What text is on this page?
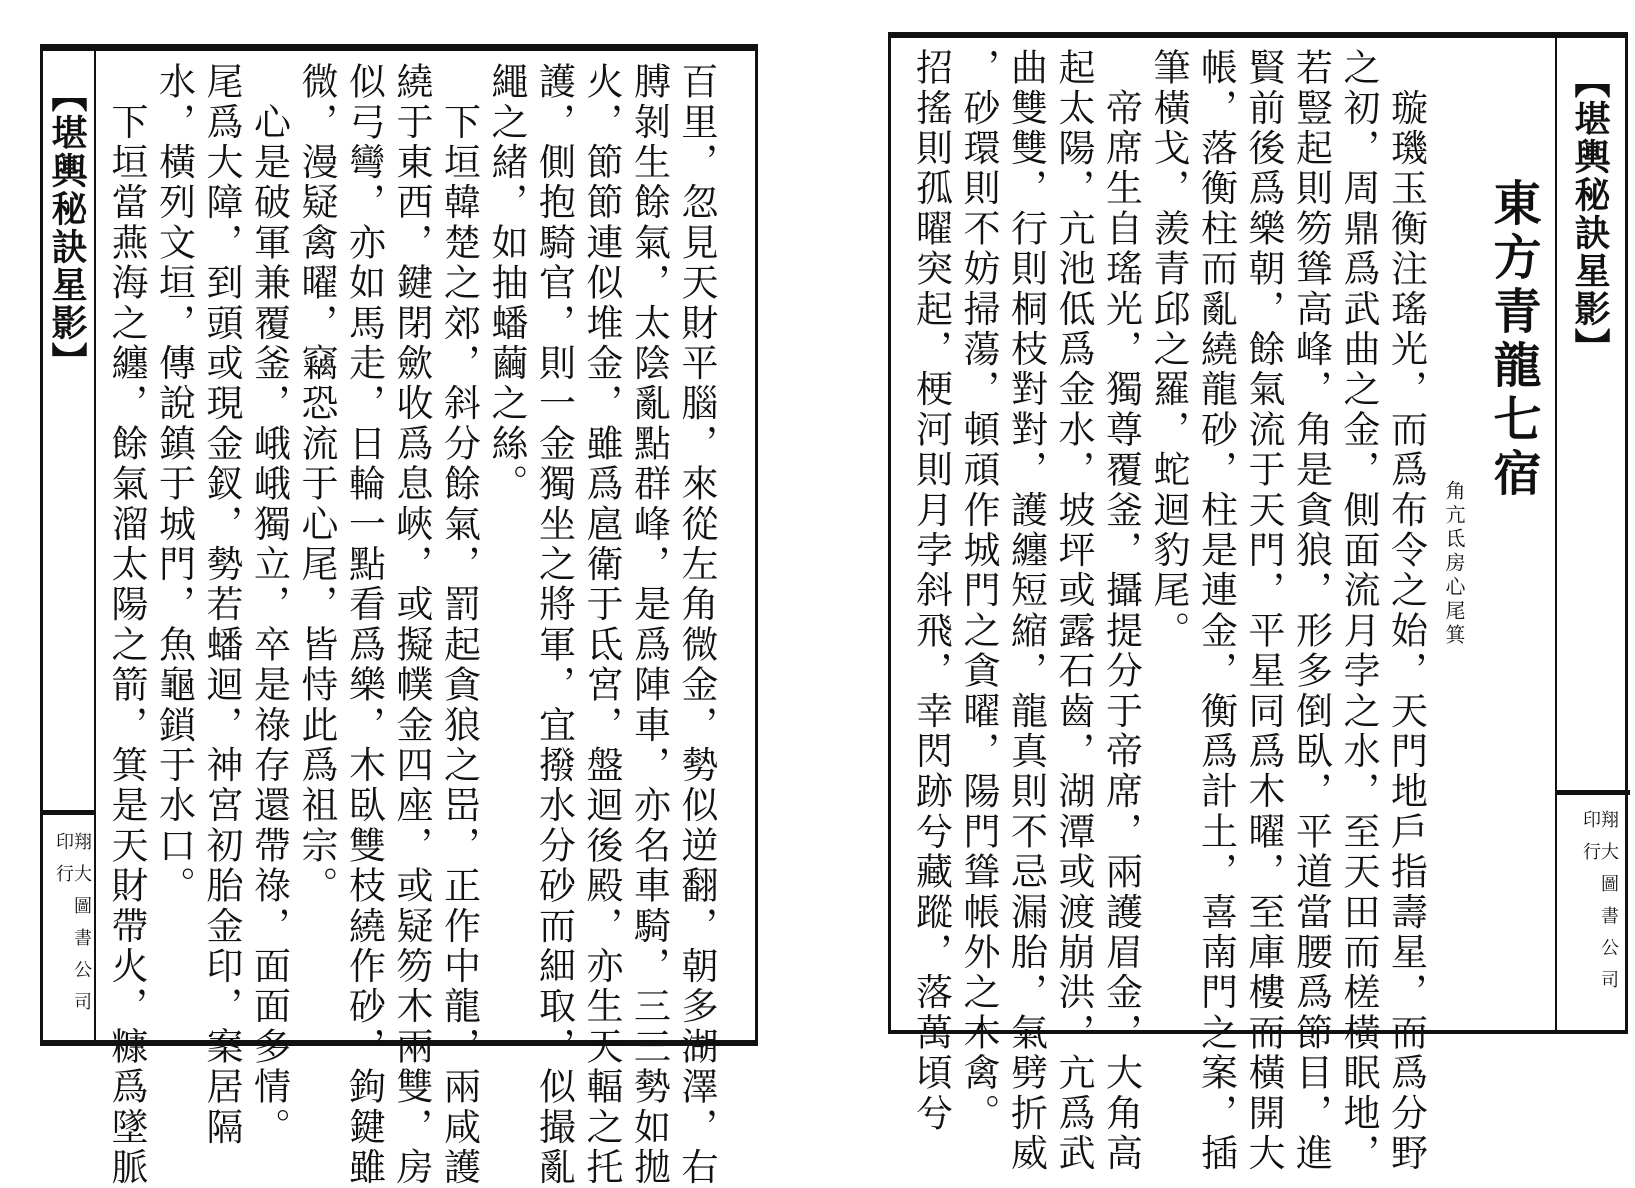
【堪輿秘訣星影】
翔大圖書公司印行	百里，忽見天財平腦，來從左角微金，勢似逆翻，朝多湖澤，右
膊剝生餘氣，太陰亂點群峰，是爲陣車，亦名車騎，三三勢如拋
火，節節連似堆金，雖爲扈衛于氐宮，盤迴後殿，亦生天輻之托
護，側抱騎官，則一金獨坐之將軍，宜撥水分砂而細取，似撮亂
繩之緒，如抽蟠繭之絲。
　下垣韓楚之郊，斜分餘氣，罰起貪狼之岊，正作中龍，兩咸護
繞于東西，鍵閉歛收爲息峽，或擬幞金四座，或疑笏木兩雙，房
似弓彎，亦如馬走，日輪一點看爲樂，木臥雙枝繞作砂，鉤鍵雖
微，漫疑禽曜，竊恐流于心尾，皆恃此爲祖宗。
　心是破軍兼覆釜，峨峨獨立，卒是祿存還帶祿，面面多情。
尾爲大障，到頭或現金釵，勢若蟠迴，神宮初胎金印，案居隔
水，橫列文垣，傳說鎮于城門，魚龜鎖于水口。
　下垣當燕海之纏，餘氣溜太陽之箭，箕是天財帶火，糠爲墜脈	【堪輿秘訣星影】
翔大圖書公司印行
東方青龍七宿
角亢氐房心尾箕
　璇璣玉衡注瑤光，而爲布令之始，天門地戶指壽星，而爲分野
之初，周鼎爲武曲之金，側面流月孛之水，至天田而槎橫眠地，
若豎起則笏聳高峰，角是貪狼，形多倒臥，平道當腰爲節目，進
賢前後爲樂朝，餘氣流于天門，平星同爲木曜，至庫樓而橫開大
帳，落衡柱而亂繞龍砂，柱是連金，衡爲計土，喜南門之案，插
筆橫戈，羨青邱之羅，蛇迴豹尾。
　帝席生自瑤光，獨尊覆釜，攝提分于帝席，兩護眉金，大角高
起太陽，亢池低爲金水，坡坪或露石齒，湖潭或渡崩洪，亢爲武
曲雙雙，行則桐枝對對，護纏短縮，龍真則不忌漏胎，氣劈折威
，砂環則不妨掃蕩，頓頑作城門之貪曜，陽門聳帳外之木禽。
招搖則孤曜突起，梗河則月孛斜飛，幸閃跡兮藏蹤，落萬頃兮
